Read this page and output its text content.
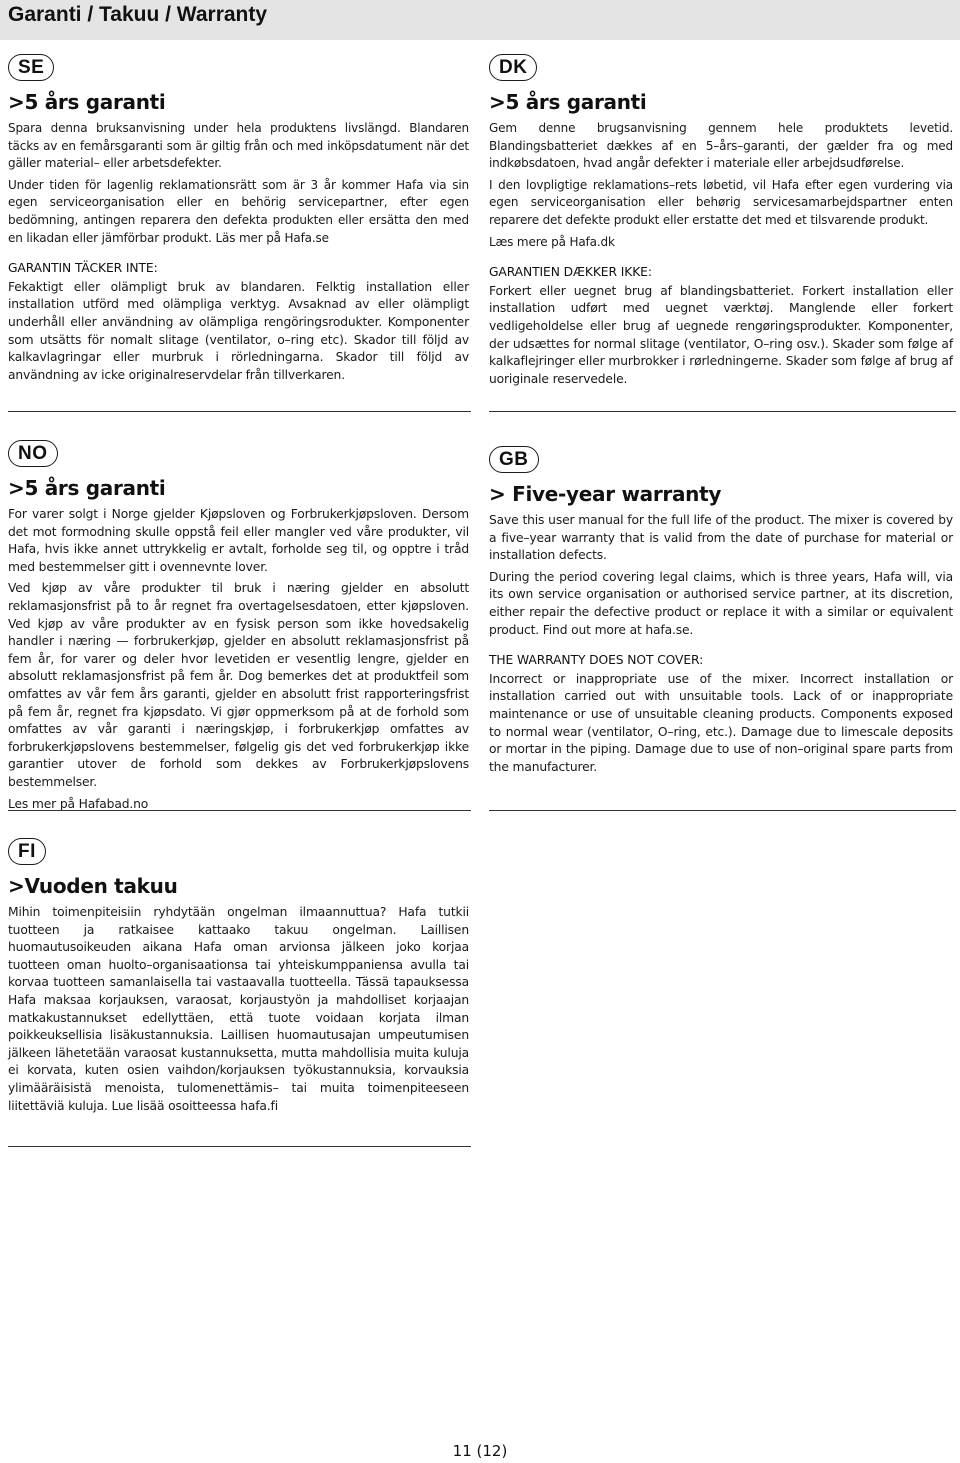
Garanti / Takuu / Warranty
SE
>5 års garanti

Spara denna bruksanvisning under hela produktens livslängd. Blandaren täcks av en femårsgaranti som är giltig från och med inköpsdatument när det gäller material– eller arbetsdefekter.

Under tiden för lagenlig reklamationsrätt som är 3 år kommer Hafa via sin egen serviceorganisation eller en behörig servicepartner, efter egen bedömning, antingen reparera den defekta produkten eller ersätta den med en likadan eller jämförbar produkt. Läs mer på Hafa.se

GARANTIN TÄCKER INTE:

Fekaktigt eller olämpligt bruk av blandaren. Felktig installation eller installation utförd med olämpliga verktyg. Avsaknad av eller olämpligt underhåll eller användning av olämpliga rengöringsrodukter. Komponenter som utsätts för nomalt slitage (ventilator, o–ring etc). Skador till följd av kalkavlagringar eller murbruk i rörledningarna. Skador till följd av användning av icke originalreservdelar från tillverkaren.

DK
>5 års garanti

Gem denne brugsanvisning gennem hele produktets levetid. Blandingsbatteriet dækkes af en 5–års–garanti, der gælder fra og med indkøbsdatoen, hvad angår defekter i materiale eller arbejdsudførelse.

I den lovpligtige reklamations–rets løbetid, vil Hafa efter egen vurdering via egen serviceorganisation eller behørig servicesamarbejdspartner enten reparere det defekte produkt eller erstatte det med et tilsvarende produkt.

Læs mere på Hafa.dk

GARANTIEN DÆKKER IKKE:

Forkert eller uegnet brug af blandingsbatteriet. Forkert installation eller installation udført med uegnet værktøj. Manglende eller forkert vedligeholdelse eller brug af uegnede rengøringsprodukter. Komponenter, der udsættes for normal slitage (ventilator, O–ring osv.). Skader som følge af kalkaflejringer eller murbrokker i rørledningerne. Skader som følge af brug af uoriginale reservedele.

NO
>5 års garanti

For varer solgt i Norge gjelder Kjøpsloven og Forbrukerkjøpsloven. Dersom det mot formodning skulle oppstå feil eller mangler ved våre produkter, vil Hafa, hvis ikke annet uttrykkelig er avtalt, forholde seg til, og opptre i tråd med bestemmelser gitt i ovennevnte lover.

Ved kjøp av våre produkter til bruk i næring gjelder en absolutt reklamasjonsfrist på to år regnet fra overtagelsesdatoen, etter kjøpsloven. Ved kjøp av våre produkter av en fysisk person som ikke hovedsakelig handler i næring — forbrukerkjøp, gjelder en absolutt reklamasjonsfrist på fem år, for varer og deler hvor levetiden er vesentlig lengre, gjelder en absolutt reklamasjonsfrist på fem år. Dog bemerkes det at produktfeil som omfattes av vår fem års garanti, gjelder en absolutt frist rapporteringsfrist på fem år, regnet fra kjøpsdato. Vi gjør oppmerksom på at de forhold som omfattes av vår garanti i næringskjøp, i forbrukerkjøp omfattes av forbrukerkjøpslovens bestemmelser, følgelig gis det ved forbrukerkjøp ikke garantier utover de forhold som dekkes av Forbrukerkjøpslovens bestemmelser.

Les mer på Hafabad.no

GB
> Five-year warranty

Save this user manual for the full life of the product. The mixer is covered by a five–year warranty that is valid from the date of purchase for material or installation defects.

During the period covering legal claims, which is three years, Hafa will, via its own service organisation or authorised service partner, at its discretion, either repair the defective product or replace it with a similar or equivalent product. Find out more at hafa.se.

THE WARRANTY DOES NOT COVER:

Incorrect or inappropriate use of the mixer. Incorrect installation or installation carried out with unsuitable tools. Lack of or inappropriate maintenance or use of unsuitable cleaning products. Components exposed to normal wear (ventilator, O–ring, etc.). Damage due to limescale deposits or mortar in the piping. Damage due to use of non–original spare parts from the manufacturer.

FI
>Vuoden takuu

Mihin toimenpiteisiin ryhdytään ongelman ilmaannuttua? Hafa tutkii tuotteen ja ratkaisee kattaako takuu ongelman. Laillisen huomautusoikeuden aikana Hafa oman arvionsa jälkeen joko korjaa tuotteen oman huolto–organisaationsa tai yhteiskumppaniensa avulla tai korvaa tuotteen samanlaisella tai vastaavalla tuotteella. Tässä tapauksessa Hafa maksaa korjauksen, varaosat, korjaustyön ja mahdolliset korjaajan matkakustannukset edellyttäen, että tuote voidaan korjata ilman poikkeuksellisia lisäkustannuksia. Laillisen huomautusajan umpeutumisen jälkeen lähetetään varaosat kustannuksetta, mutta mahdollisia muita kuluja ei korvata, kuten osien vaihdon/korjauksen työkustannuksia, korvauksia ylimääräisistä menoista, tulomenettämis– tai muita toimenpiteeseen liitettäviä kuluja. Lue lisää osoitteessa hafa.fi

11 (12)
